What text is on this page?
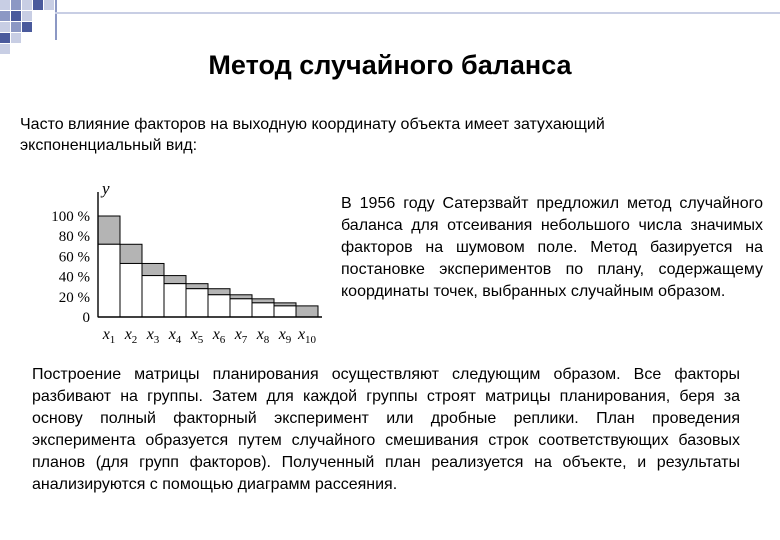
Метод случайного баланса

Часто влияние факторов на выходную координату объекта имеет затухающий экспоненциальный вид:

y
100 %
80 %
60 %
40 %
20 %
0
$x_1$ $x_2$ $x_3$ $x_4$ $x_5$ $x_6$ $x_7$ $x_8$ $x_9$ $x_{10}$

В 1956 году Сатерзвайт предложил метод случайного баланса для отсеивания небольшого числа значимых факторов на шумовом поле. Метод базируется на постановке экспериментов по плану, содержащему координаты точек, выбранных случайным образом.

Построение матрицы планирования осуществляют следующим образом. Все факторы разбивают на группы. Затем для каждой группы строят матрицы планирования, беря за основу полный факторный эксперимент или дробные реплики. План проведения эксперимента образуется путем случайного смешивания строк соответствующих базовых планов (для групп факторов). Полученный план реализуется на объекте, и результаты анализируются с помощью диаграмм рассеяния.
